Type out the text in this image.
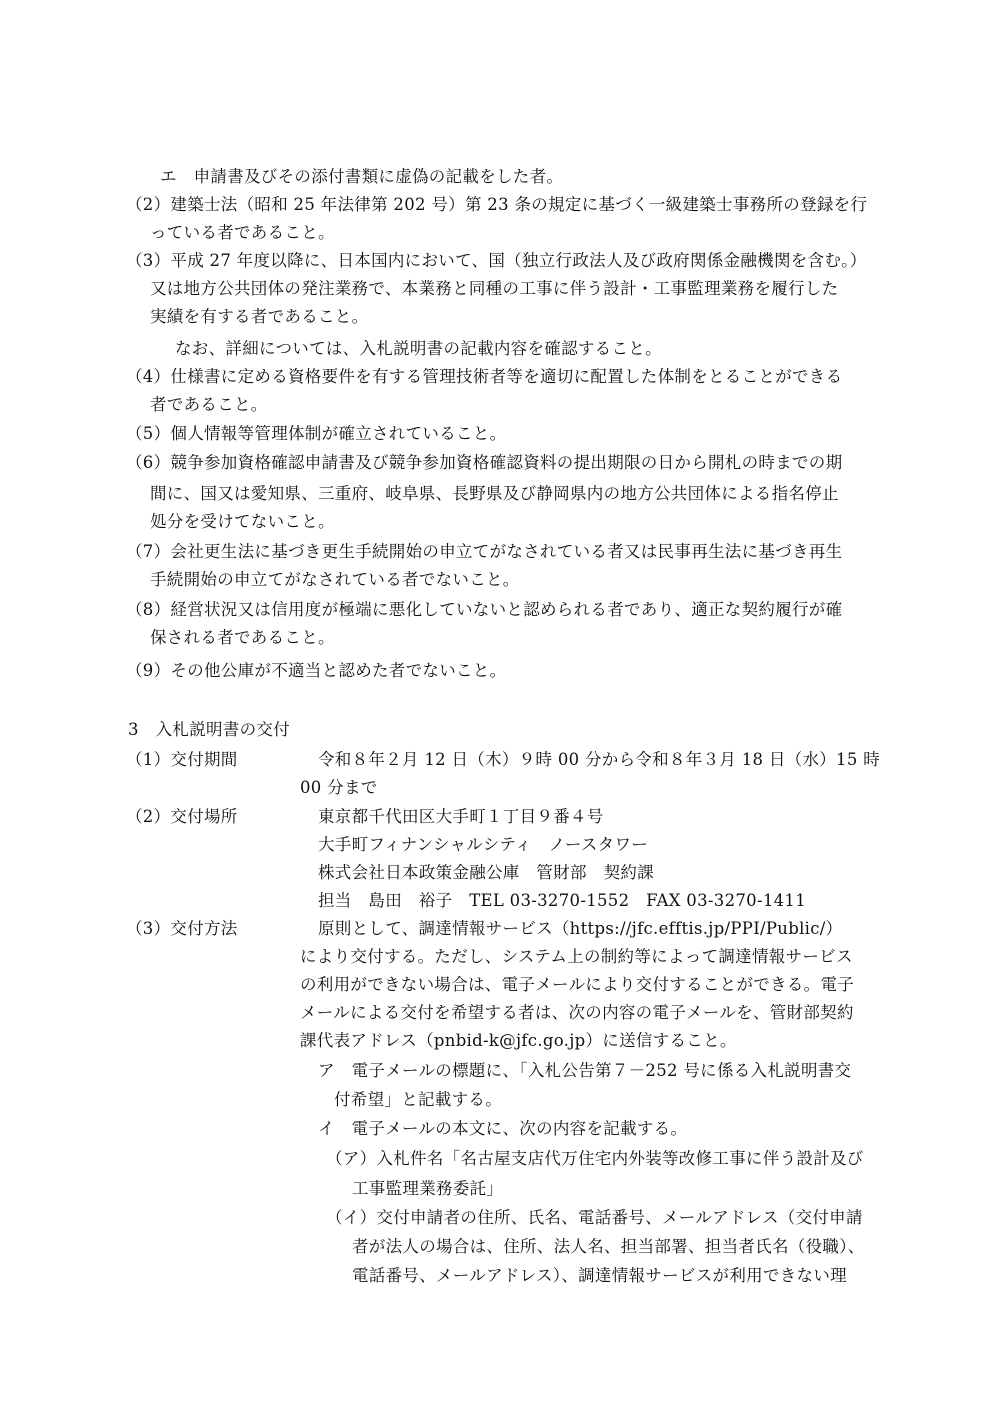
エ　申請書及びその添付書類に虚偽の記載をした者。
（2）建築士法（昭和 25 年法律第 202 号）第 23 条の規定に基づく一級建築士事務所の登録を行
っている者であること。
（3）平成 27 年度以降に、日本国内において、国（独立行政法人及び政府関係金融機関を含む。）
又は地方公共団体の発注業務で、本業務と同種の工事に伴う設計・工事監理業務を履行した
実績を有する者であること。
なお、詳細については、入札説明書の記載内容を確認すること。
（4）仕様書に定める資格要件を有する管理技術者等を適切に配置した体制をとることができる
者であること。
（5）個人情報等管理体制が確立されていること。
（6）競争参加資格確認申請書及び競争参加資格確認資料の提出期限の日から開札の時までの期
間に、国又は愛知県、三重府、岐阜県、長野県及び静岡県内の地方公共団体による指名停止
処分を受けてないこと。
（7）会社更生法に基づき更生手続開始の申立てがなされている者又は民事再生法に基づき再生
手続開始の申立てがなされている者でないこと。
（8）経営状況又は信用度が極端に悪化していないと認められる者であり、適正な契約履行が確
保される者であること。
（9）その他公庫が不適当と認めた者でないこと。
3　入札説明書の交付
（1）交付期間	令和８年２月 12 日（木）９時 00 分から令和８年３月 18 日（水）15 時
00 分まで
（2）交付場所	東京都千代田区大手町１丁目９番４号
大手町フィナンシャルシティ　ノースタワー
株式会社日本政策金融公庫　管財部　契約課
担当　島田　裕子　TEL 03-3270-1552　FAX 03-3270-1411
（3）交付方法	原則として、調達情報サービス（https://jfc.efftis.jp/PPI/Public/）
により交付する。ただし、システム上の制約等によって調達情報サービス
の利用ができない場合は、電子メールにより交付することができる。電子
メールによる交付を希望する者は、次の内容の電子メールを、管財部契約
課代表アドレス（pnbid-k@jfc.go.jp）に送信すること。
ア　電子メールの標題に、「入札公告第７－252 号に係る入札説明書交
付希望」と記載する。
イ　電子メールの本文に、次の内容を記載する。
（ア）入札件名「名古屋支店代万住宅内外装等改修工事に伴う設計及び
工事監理業務委託」
（イ）交付申請者の住所、氏名、電話番号、メールアドレス（交付申請
者が法人の場合は、住所、法人名、担当部署、担当者氏名（役職）、
電話番号、メールアドレス）、調達情報サービスが利用できない理
